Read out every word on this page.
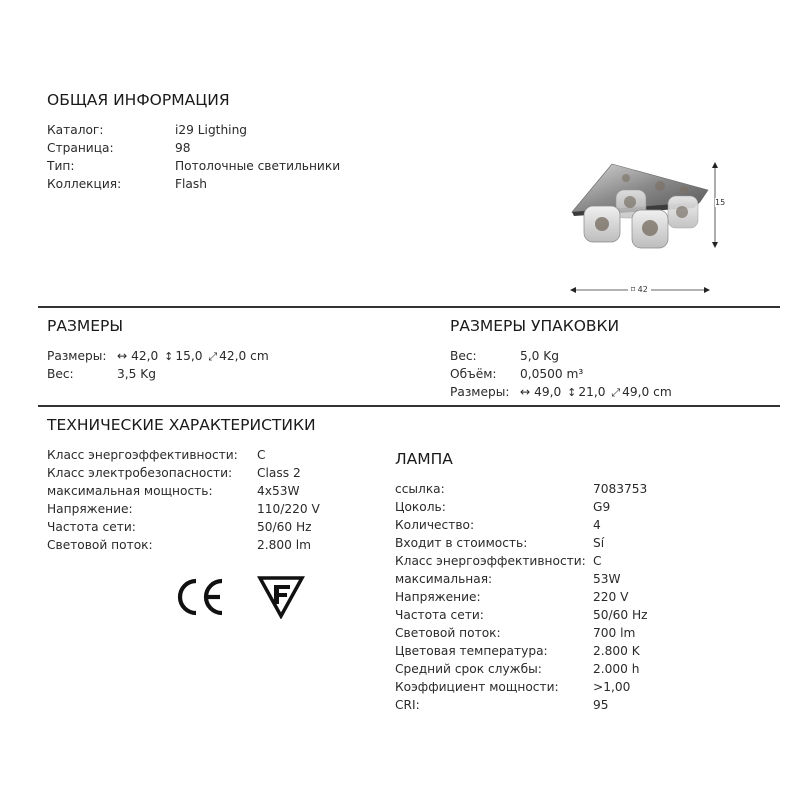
ОБЩАЯ ИНФОРМАЦИЯ
Каталог:	i29 Ligthing
Страница:	98
Тип:	Потолочные светильники
Коллекция:	Flash
15
⌑ 42
РАЗМЕРЫ
Размеры: ↔ 42,0 ↕ 15,0 ⤢ 42,0 cm
Вес:	3,5 Kg
РАЗМЕРЫ УПАКОВКИ
Вес:	5,0 Kg
Объём: 0,0500 m³
Размеры: ↔ 49,0 ↕ 21,0 ⤢ 49,0 cm
ТЕХНИЧЕСКИЕ ХАРАКТЕРИСТИКИ
Класс энергоэффективности: C
Класс электробезопасности: Class 2
максимальная мощность:	4x53W
Напряжение:	110/220 V
Частота сети:	50/60 Hz
Световой поток:	2.800 lm
ЛАМПА
ссылка:	7083753
Цоколь:	G9
Количество:	4
Входит в стоимость:	Sí
Класс энергоэффективности: C
максимальная:	53W
Напряжение:	220 V
Частота сети:	50/60 Hz
Световой поток:	700 lm
Цветовая температура:	2.800 K
Средний срок службы:	2.000 h
Коэффициент мощности:	>1,00
CRI:	95
